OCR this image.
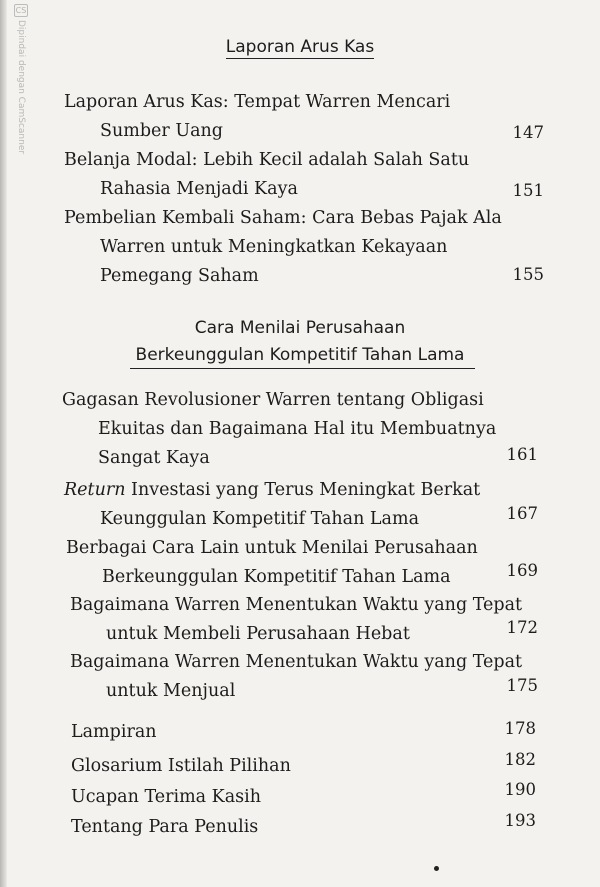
CS
Dipindai dengan CamScanner	Laporan Arus Kas
Laporan Arus Kas: Tempat Warren Mencari
Sumber Uang	147
Belanja Modal: Lebih Kecil adalah Salah Satu
Rahasia Menjadi Kaya	151
Pembelian Kembali Saham: Cara Bebas Pajak Ala
Warren untuk Meningkatkan Kekayaan
Pemegang Saham	155
Cara Menilai Perusahaan
Berkeunggulan Kompetitif Tahan Lama
Gagasan Revolusioner Warren tentang Obligasi
Ekuitas dan Bagaimana Hal itu Membuatnya
Sangat Kaya	161
Return Investasi yang Terus Meningkat Berkat
Keunggulan Kompetitif Tahan Lama	167
Berbagai Cara Lain untuk Menilai Perusahaan
Berkeunggulan Kompetitif Tahan Lama	169
Bagaimana Warren Menentukan Waktu yang Tepat
untuk Membeli Perusahaan Hebat	172
Bagaimana Warren Menentukan Waktu yang Tepat
untuk Menjual	175
Lampiran	178
Glosarium Istilah Pilihan	182
Ucapan Terima Kasih	190
Tentang Para Penulis	193
